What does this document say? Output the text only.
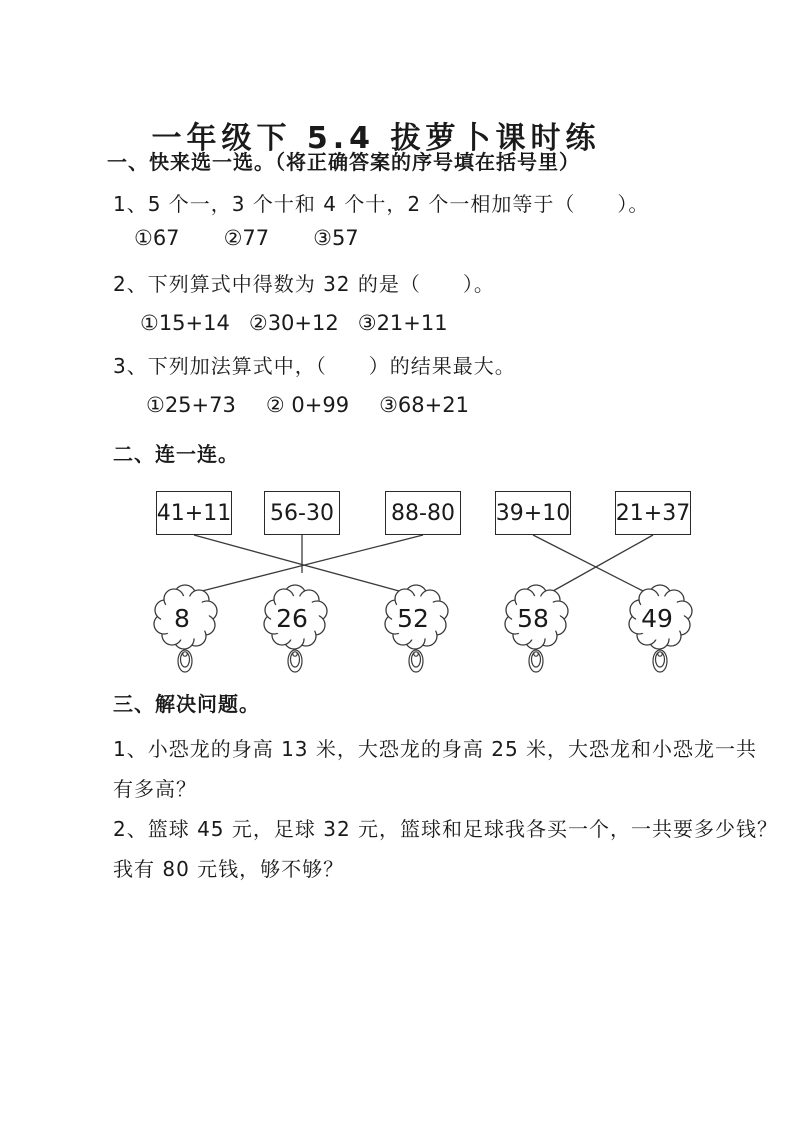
一年级下 5.4 拔萝卜课时练
一、快来选一选。（将正确答案的序号填在括号里）
1、5 个一，3 个十和 4 个十，2 个一相加等于（　　）。
①67 ②77 ③57
2、下列算式中得数为 32 的是（　　）。
①15+14 ②30+12 ③21+11
3、下列加法算式中，（　　）的结果最大。
①25+73 ② 0+99 ③68+21
二、连一连。
41+11 56-30	88-80 39+10 21+37
8	26	52	58	49
三、解决问题。
1、小恐龙的身高 13 米，大恐龙的身高 25 米，大恐龙和小恐龙一共
有多高？
2、篮球 45 元，足球 32 元，篮球和足球我各买一个，一共要多少钱？
我有 80 元钱，够不够？
